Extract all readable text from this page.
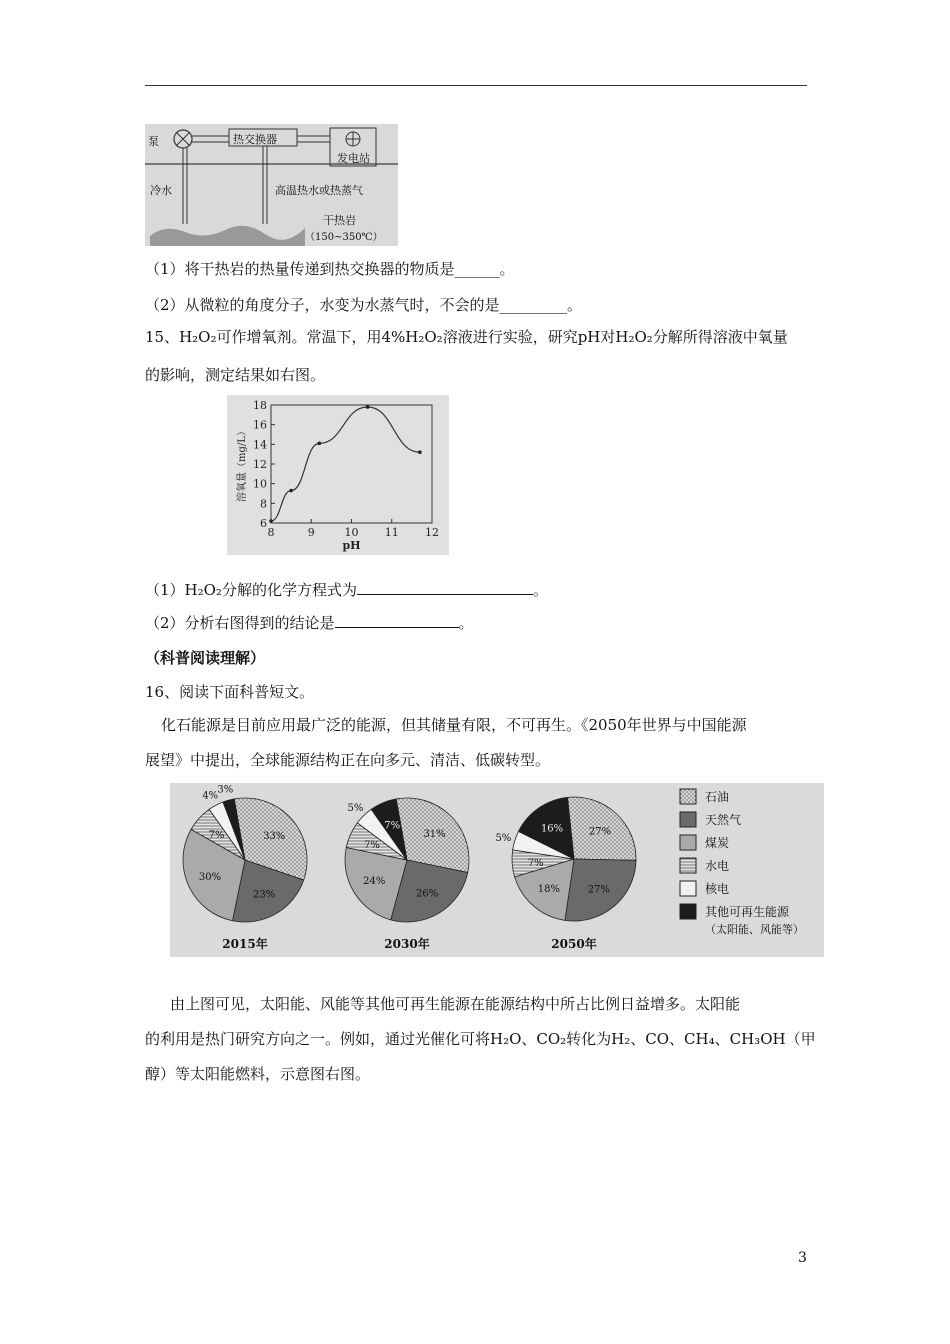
泵	热交换器
发电站
冷水	高温热水或热蒸气
干热岩
（150~350℃）
（1）将干热岩的热量传递到热交换器的物质是______。
（2）从微粒的角度分子，水变为水蒸气时，不会的是_________。
15、H₂O₂可作增氧剂。常温下，用4%H₂O₂溶液进行实验，研究pH对H₂O₂分解所得溶液中氧量
的影响，测定结果如右图。
6
8
10
12
14
16
18
8	9	10 11 12
pH
溶氧量（mg/L）
（1）H₂O₂分解的化学方程式为	。
（2）分析右图得到的结论是	。
（科普阅读理解）
16、阅读下面科普短文。
化石能源是目前应用最广泛的能源，但其储量有限，不可再生。《2050年世界与中国能源
展望》中提出，全球能源结构正在向多元、清洁、低碳转型。
33%
23%
30%
7%
4%
3%
2015年
31%
26%
24%
7%
5%
7%
2030年
27%
27%
18%
7%
5%
16%
2050年
石油
天然气
煤炭
水电
核电
其他可再生能源
（太阳能、风能等）
由上图可见，太阳能、风能等其他可再生能源在能源结构中所占比例日益增多。太阳能
的利用是热门研究方向之一。例如，通过光催化可将H₂O、CO₂转化为H₂、CO、CH₄、CH₃OH（甲
醇）等太阳能燃料，示意图右图。
3
